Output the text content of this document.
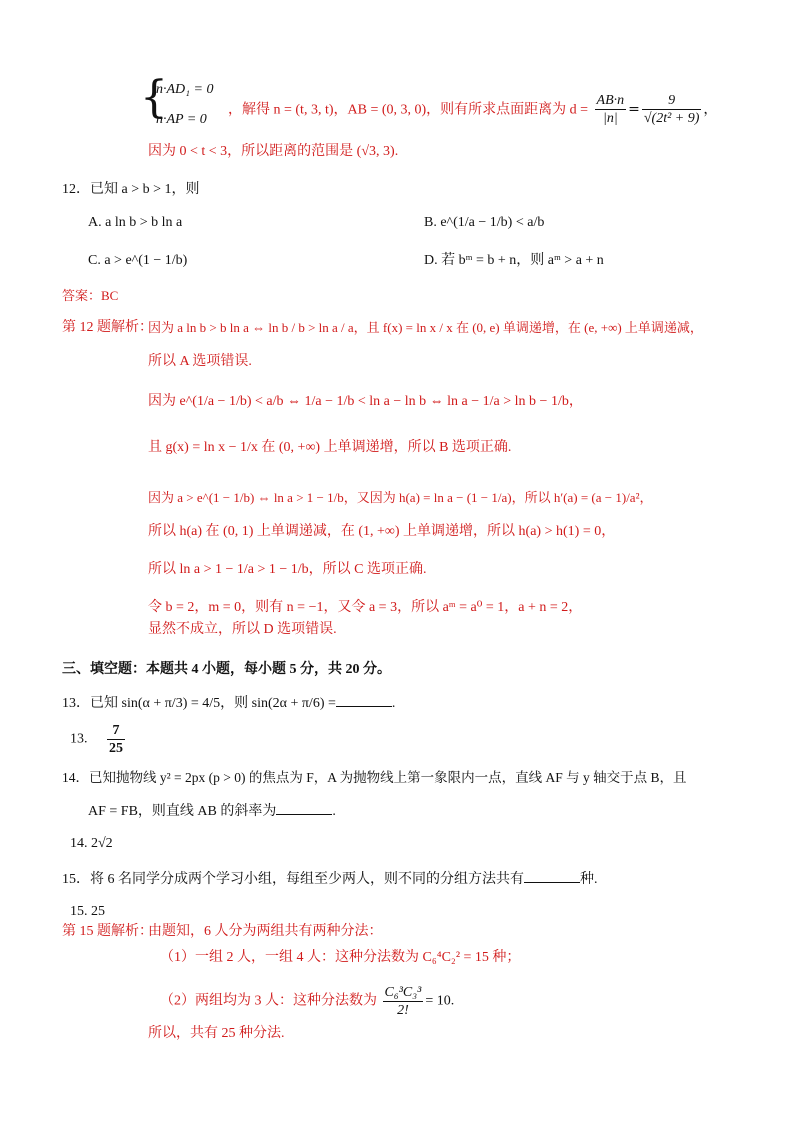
{
n·AD₁ = 0
n·AP = 0
，解得 n = (t, 3, t)，AB = (0, 3, 0)，则有所求点面距离为 $d = \frac{AB\cdot n}{|n|} = \frac{9}{\text{√(2t² + 9)}}$ ，
因为 0 < t < 3，所以距离的范围是 (√3, 3).
12．已知 a > b > 1，则
A. a ln b > b ln a	B. e^(1/a − 1/b) < a/b
C. a > e^(1 − 1/b)	D. 若 bᵐ = b + n，则 aᵐ > a + n
答案：BC
第 12 题解析：
因为 a ln b > b ln a ⇔ ln b / b > ln a / a，且 f(x) = ln x / x 在 (0, e) 单调递增，在 (e, +∞) 上单调递减，
所以 A 选项错误.
因为 e^(1/a − 1/b) < a/b ⇔ 1/a − 1/b < ln a − ln b ⇔ ln a − 1/a > ln b − 1/b，
且 g(x) = ln x − 1/x 在 (0, +∞) 上单调递增，所以 B 选项正确.
因为 a > e^(1 − 1/b) ⇔ ln a > 1 − 1/b，又因为 h(a) = ln a − (1 − 1/a)，所以 h′(a) = (a − 1)/a²，
所以 h(a) 在 (0, 1) 上单调递减，在 (1, +∞) 上单调递增，所以 h(a) > h(1) = 0，
所以 ln a > 1 − 1/a > 1 − 1/b，所以 C 选项正确.
令 b = 2，m = 0，则有 n = −1，又令 a = 3，所以 aᵐ = a⁰ = 1，a + n = 2，
显然不成立，所以 D 选项错误.
三、填空题：本题共 4 小题，每小题 5 分，共 20 分。
13．已知 sin(α + π/3) = 4/5，则 sin(2α + π/6) =	.
13. $\frac{7}{25}$
14．已知抛物线 y² = 2px (p > 0) 的焦点为 F，A 为抛物线上第一象限内一点，直线 AF 与 y 轴交于点 B，且
AF = FB，则直线 AB 的斜率为	.
14. 2√2
15．将 6 名同学分成两个学习小组，每组至少两人，则不同的分组方法共有	种.
15. 25
第 15 题解析：
由题知，6 人分为两组共有两种分法：
（1）一组 2 人，一组 4 人：这种分法数为 C₆⁴C₂² = 15 种；
（2）两组均为 3 人：这种分法数为 $\frac{\text{C₆³C₃³}}{2!} = 10$.
所以，共有 25 种分法.
